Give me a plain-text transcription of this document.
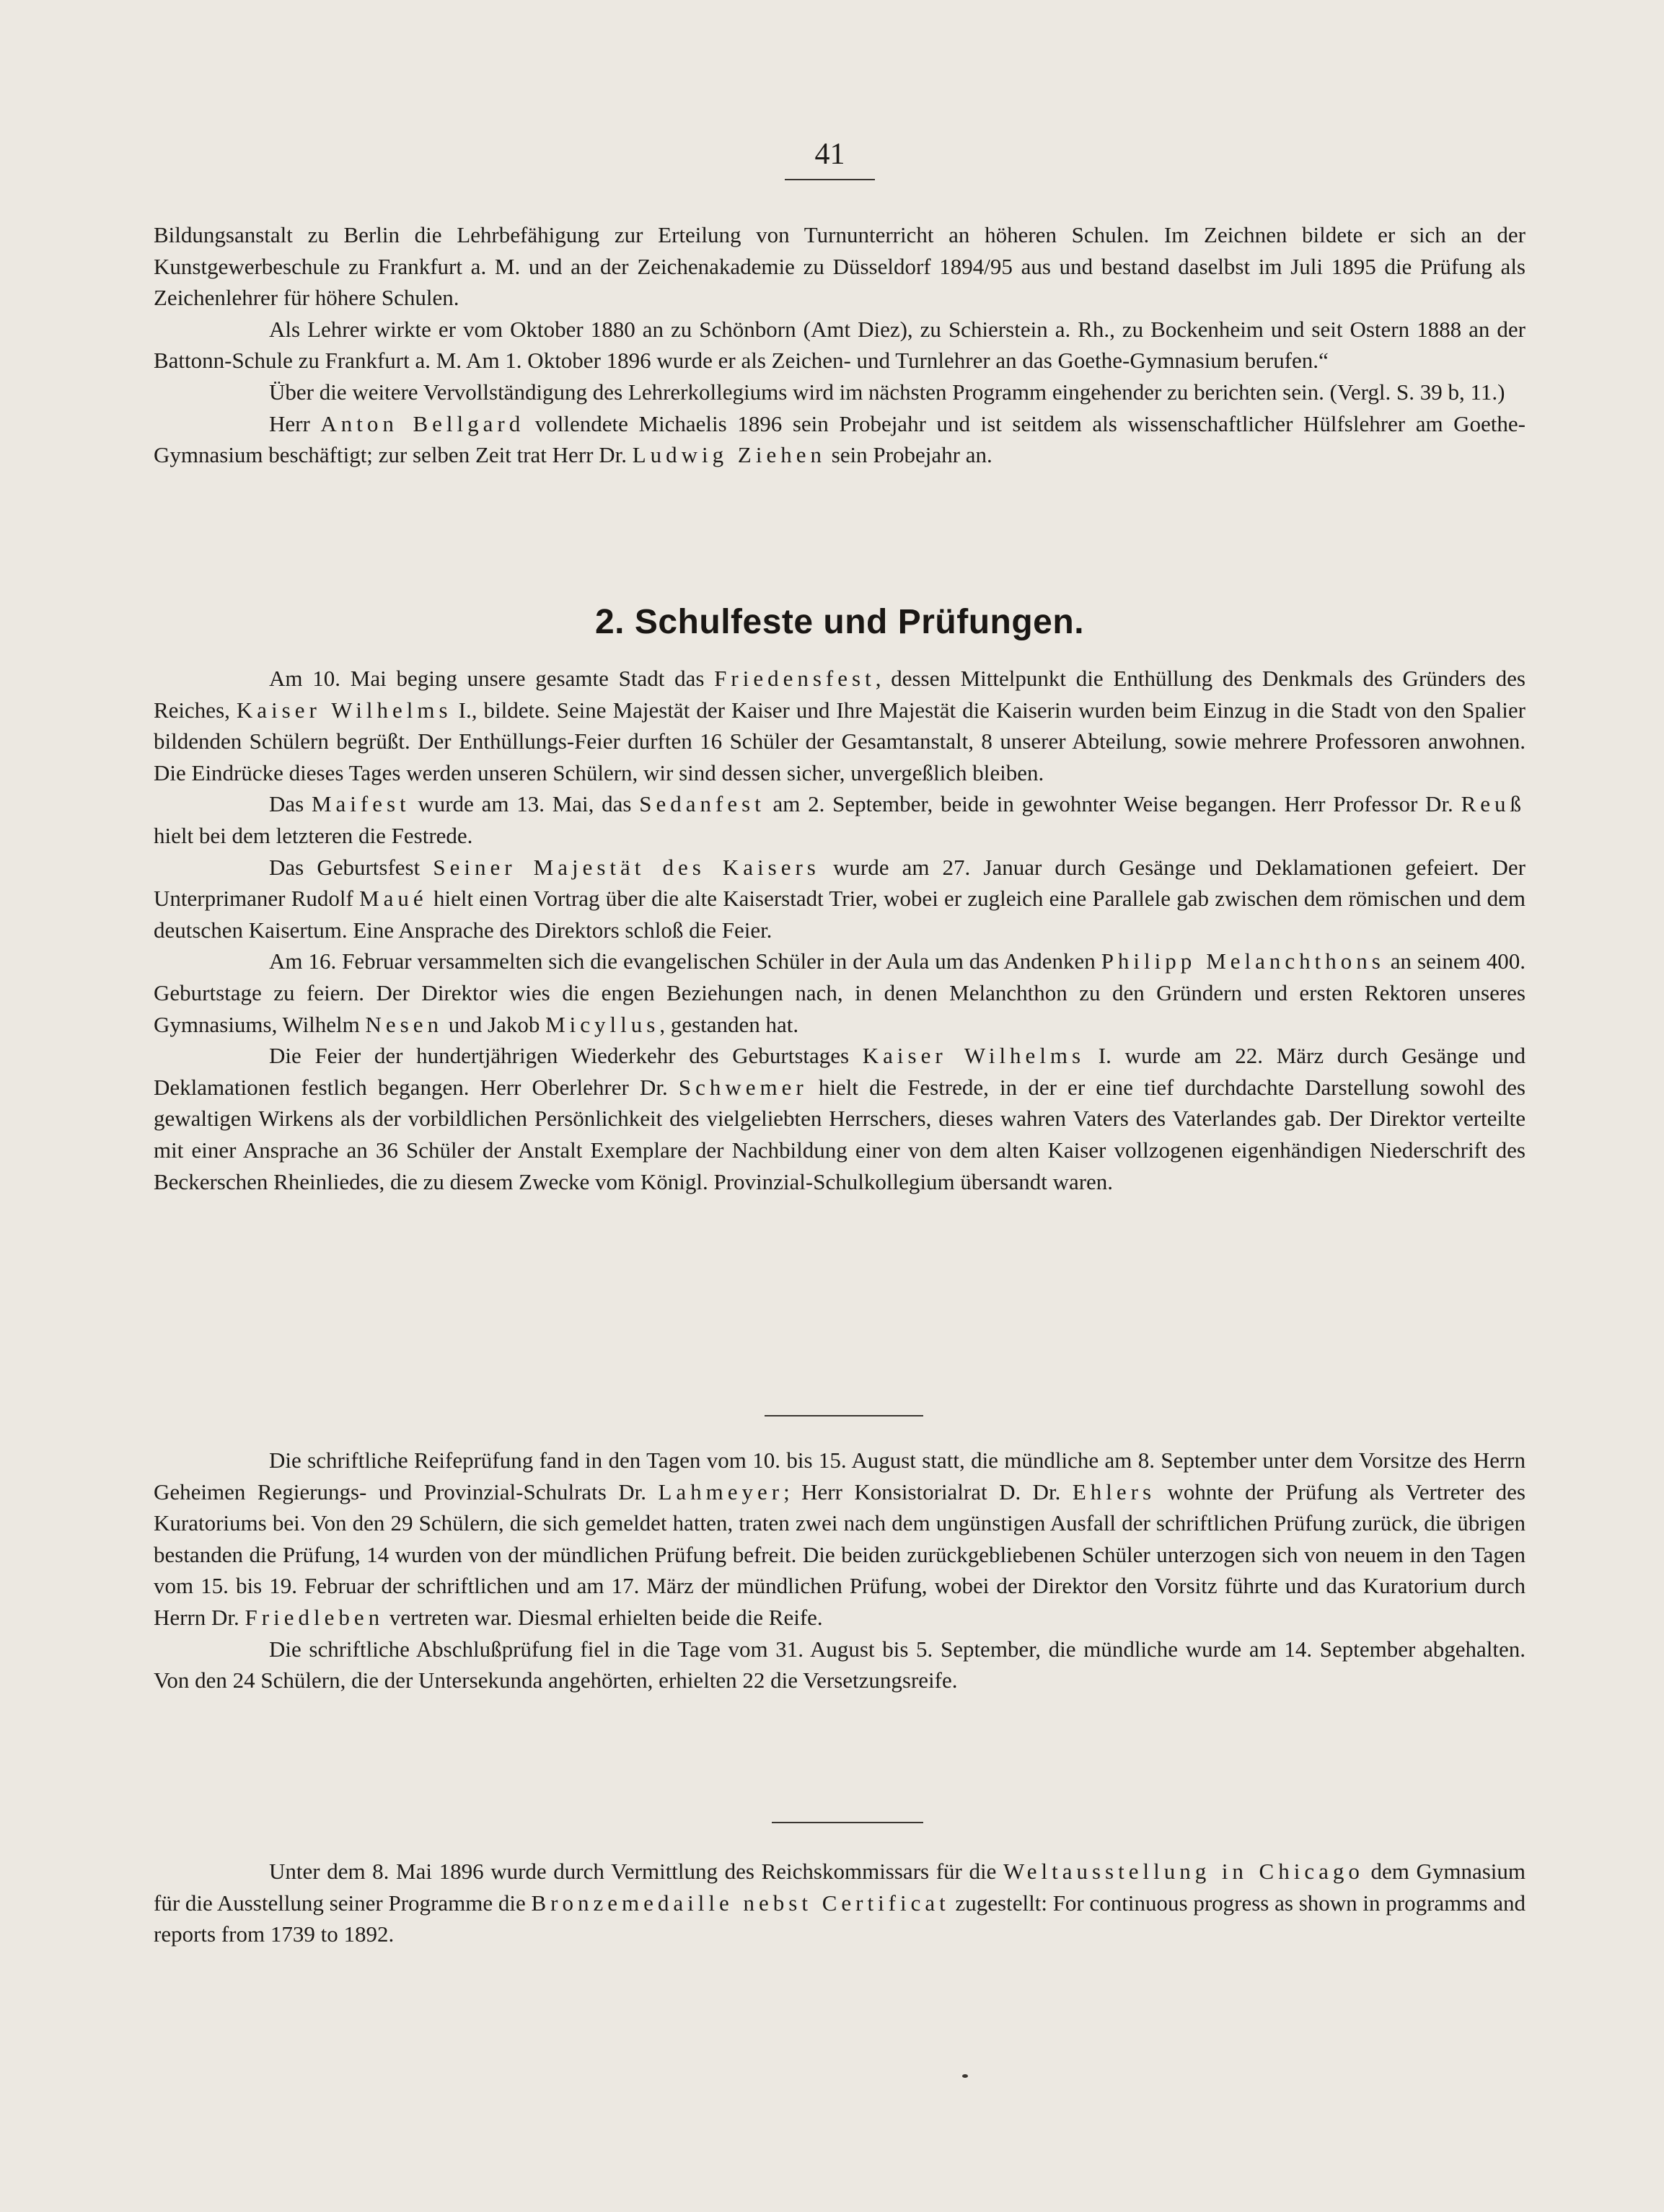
41

Bildungsanstalt zu Berlin die Lehrbefähigung zur Erteilung von Turnunterricht an höheren Schulen. Im Zeichnen bildete er sich an der Kunstgewerbeschule zu Frankfurt a. M. und an der Zeichenakademie zu Düsseldorf 1894/95 aus und bestand daselbst im Juli 1895 die Prüfung als Zeichenlehrer für höhere Schulen.

Als Lehrer wirkte er vom Oktober 1880 an zu Schönborn (Amt Diez), zu Schierstein a. Rh., zu Bockenheim und seit Ostern 1888 an der Battonn-Schule zu Frankfurt a. M. Am 1. Oktober 1896 wurde er als Zeichen- und Turnlehrer an das Goethe-Gymnasium berufen.“

Über die weitere Vervollständigung des Lehrerkollegiums wird im nächsten Programm eingehender zu berichten sein. (Vergl. S. 39 b, 11.)

Herr Anton Bellgard vollendete Michaelis 1896 sein Probejahr und ist seitdem als wissenschaftlicher Hülfslehrer am Goethe-Gymnasium beschäftigt; zur selben Zeit trat Herr Dr. Ludwig Ziehen sein Probejahr an.

2. Schulfeste und Prüfungen.

Am 10. Mai beging unsere gesamte Stadt das Friedensfest, dessen Mittelpunkt die Enthüllung des Denkmals des Gründers des Reiches, Kaiser Wilhelms I., bildete. Seine Majestät der Kaiser und Ihre Majestät die Kaiserin wurden beim Einzug in die Stadt von den Spalier bildenden Schülern begrüßt. Der Enthüllungs-Feier durften 16 Schüler der Gesamtanstalt, 8 unserer Abteilung, sowie mehrere Professoren anwohnen. Die Eindrücke dieses Tages werden unseren Schülern, wir sind dessen sicher, unvergeßlich bleiben.

Das Maifest wurde am 13. Mai, das Sedanfest am 2. September, beide in gewohnter Weise begangen. Herr Professor Dr. Reuß hielt bei dem letzteren die Festrede.

Das Geburtsfest Seiner Majestät des Kaisers wurde am 27. Januar durch Gesänge und Deklamationen gefeiert. Der Unterprimaner Rudolf Maué hielt einen Vortrag über die alte Kaiserstadt Trier, wobei er zugleich eine Parallele gab zwischen dem römischen und dem deutschen Kaisertum. Eine Ansprache des Direktors schloß die Feier.

Am 16. Februar versammelten sich die evangelischen Schüler in der Aula um das Andenken Philipp Melanchthons an seinem 400. Geburtstage zu feiern. Der Direktor wies die engen Beziehungen nach, in denen Melanchthon zu den Gründern und ersten Rektoren unseres Gymnasiums, Wilhelm Nesen und Jakob Micyllus, gestanden hat.

Die Feier der hundertjährigen Wiederkehr des Geburtstages Kaiser Wilhelms I. wurde am 22. März durch Gesänge und Deklamationen festlich begangen. Herr Oberlehrer Dr. Schwemer hielt die Festrede, in der er eine tief durchdachte Darstellung sowohl des gewaltigen Wirkens als der vorbildlichen Persönlichkeit des vielgeliebten Herrschers, dieses wahren Vaters des Vaterlandes gab. Der Direktor verteilte mit einer Ansprache an 36 Schüler der Anstalt Exemplare der Nachbildung einer von dem alten Kaiser vollzogenen eigenhändigen Niederschrift des Beckerschen Rheinliedes, die zu diesem Zwecke vom Königl. Provinzial-Schulkollegium übersandt waren.

Die schriftliche Reifeprüfung fand in den Tagen vom 10. bis 15. August statt, die mündliche am 8. September unter dem Vorsitze des Herrn Geheimen Regierungs- und Provinzial-Schulrats Dr. Lahmeyer; Herr Konsistorialrat D. Dr. Ehlers wohnte der Prüfung als Vertreter des Kuratoriums bei. Von den 29 Schülern, die sich gemeldet hatten, traten zwei nach dem ungünstigen Ausfall der schriftlichen Prüfung zurück, die übrigen bestanden die Prüfung, 14 wurden von der mündlichen Prüfung befreit. Die beiden zurückgebliebenen Schüler unterzogen sich von neuem in den Tagen vom 15. bis 19. Februar der schriftlichen und am 17. März der mündlichen Prüfung, wobei der Direktor den Vorsitz führte und das Kuratorium durch Herrn Dr. Friedleben vertreten war. Diesmal erhielten beide die Reife.

Die schriftliche Abschlußprüfung fiel in die Tage vom 31. August bis 5. September, die mündliche wurde am 14. September abgehalten. Von den 24 Schülern, die der Untersekunda angehörten, erhielten 22 die Versetzungsreife.

Unter dem 8. Mai 1896 wurde durch Vermittlung des Reichskommissars für die Weltausstellung in Chicago dem Gymnasium für die Ausstellung seiner Programme die Bronzemedaille nebst Certificat zugestellt: For continuous progress as shown in programms and reports from 1739 to 1892.
